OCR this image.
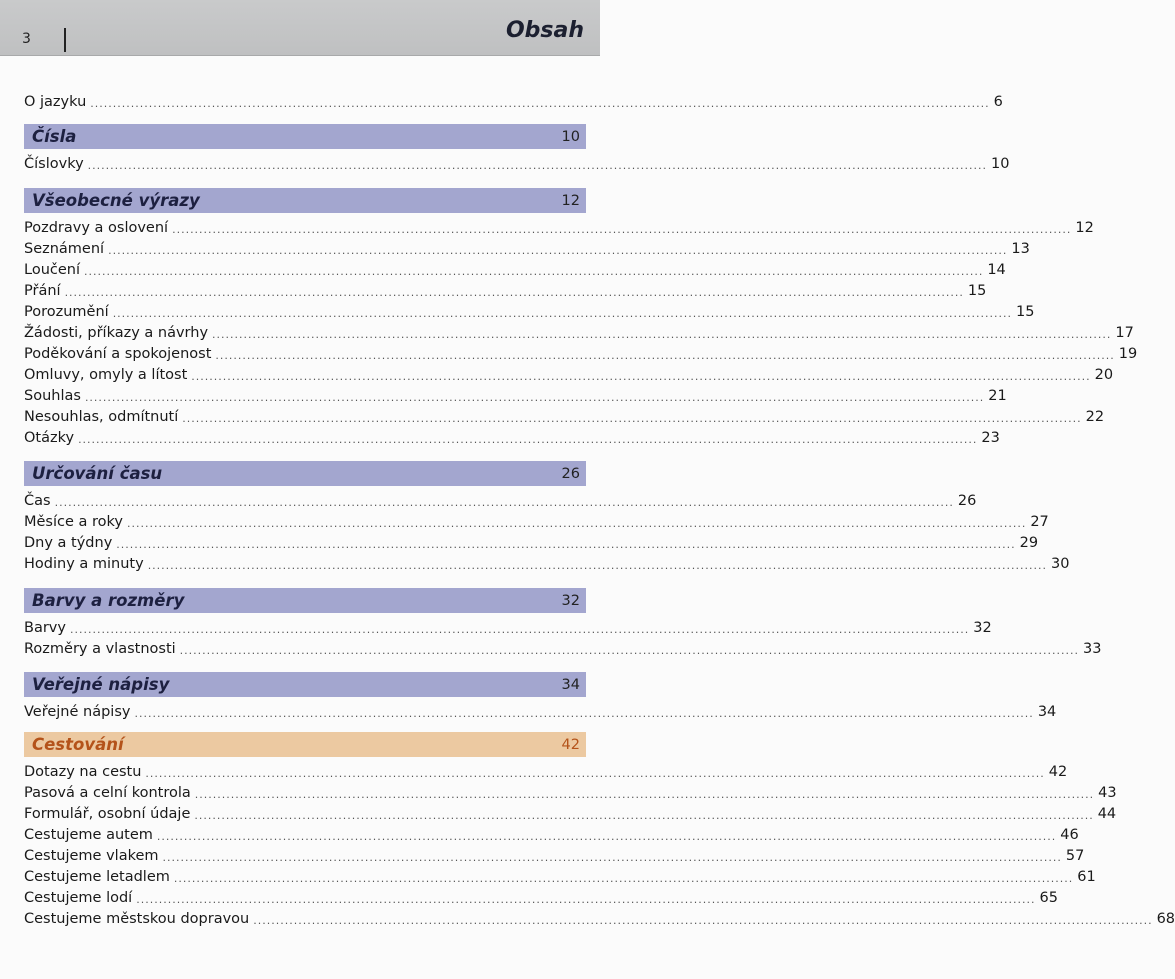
3	Obsah
O jazyku ........................................................................................................................................................................................................ 6
Čísla	10
Číslovky ........................................................................................................................................................................................................ 10
Všeobecné výrazy	12
Pozdravy a oslovení ........................................................................................................................................................................................................ 12
Seznámení ........................................................................................................................................................................................................ 13
Loučení ........................................................................................................................................................................................................ 14
Přání ........................................................................................................................................................................................................ 15
Porozumění ........................................................................................................................................................................................................ 15
Žádosti, příkazy a návrhy ........................................................................................................................................................................................................ 17
Poděkování a spokojenost ........................................................................................................................................................................................................ 19
Omluvy, omyly a lítost ........................................................................................................................................................................................................ 20
Souhlas ........................................................................................................................................................................................................ 21
Nesouhlas, odmítnutí ........................................................................................................................................................................................................ 22
Otázky ........................................................................................................................................................................................................ 23
Určování času	26
Čas ........................................................................................................................................................................................................ 26
Měsíce a roky ........................................................................................................................................................................................................ 27
Dny a týdny ........................................................................................................................................................................................................ 29
Hodiny a minuty ........................................................................................................................................................................................................ 30
Barvy a rozměry	32
Barvy ........................................................................................................................................................................................................ 32
Rozměry a vlastnosti ........................................................................................................................................................................................................ 33
Veřejné nápisy	34
Veřejné nápisy ........................................................................................................................................................................................................ 34
Cestování	42
Dotazy na cestu ........................................................................................................................................................................................................ 42
Pasová a celní kontrola ........................................................................................................................................................................................................ 43
Formulář, osobní údaje ........................................................................................................................................................................................................ 44
Cestujeme autem ........................................................................................................................................................................................................ 46
Cestujeme vlakem ........................................................................................................................................................................................................ 57
Cestujeme letadlem ........................................................................................................................................................................................................ 61
Cestujeme lodí ........................................................................................................................................................................................................ 65
Cestujeme městskou dopravou ........................................................................................................................................................................................................ 68
